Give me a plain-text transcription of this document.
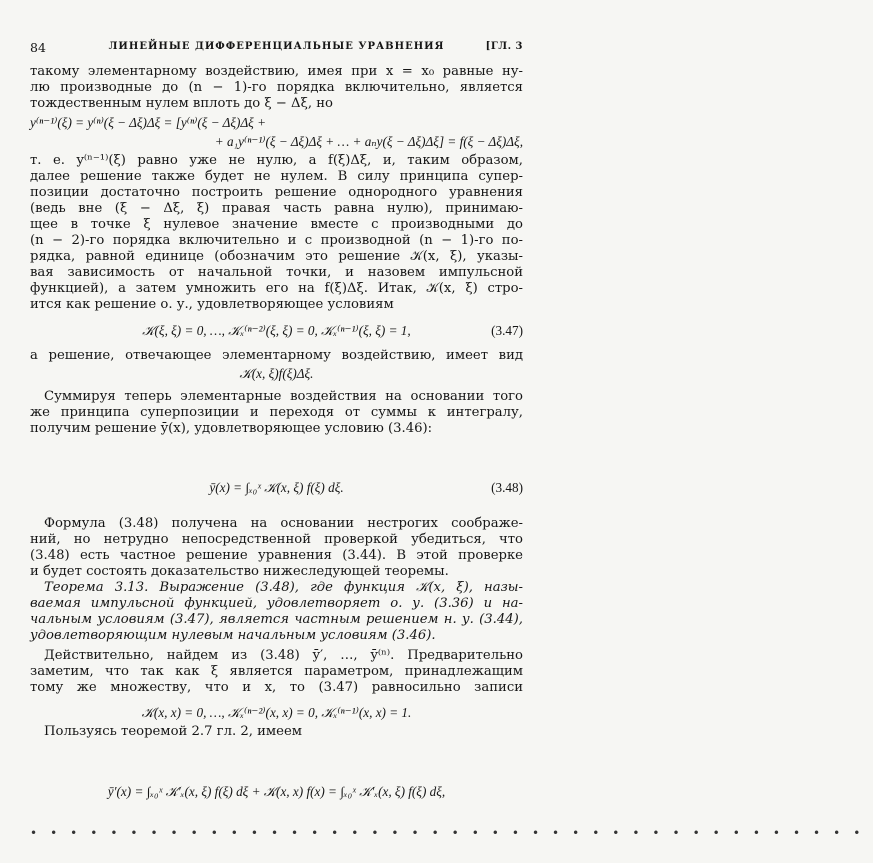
84	ЛИНЕЙНЫЕ ДИФФЕРЕНЦИАЛЬНЫЕ УРАВНЕНИЯ	[ГЛ. 3
такому элементарному воздействию, имея при x = x₀ равные ну-
лю производные до (n − 1)-го порядка включительно, является
тождественным нулем вплоть до ξ − Δξ, но
y⁽ⁿ⁻¹⁾(ξ) = y⁽ⁿ⁾(ξ − Δξ)Δξ = [y⁽ⁿ⁾(ξ − Δξ)Δξ +
+ a₁y⁽ⁿ⁻¹⁾(ξ − Δξ)Δξ + … + aₙy(ξ − Δξ)Δξ] = f(ξ − Δξ)Δξ,
т. е. y⁽ⁿ⁻¹⁾(ξ) равно уже не нулю, а f(ξ)Δξ, и, таким образом,
далее решение также будет не нулем. В силу принципа супер-
позиции достаточно построить решение однородного уравнения
(ведь вне (ξ − Δξ, ξ) правая часть равна нулю), принимаю-
щее в точке ξ нулевое значение вместе с производными до
(n − 2)-го порядка включительно и с производной (n − 1)-го по-
рядка, равной единице (обозначим это решение 𝒦(x, ξ), указы-
вая зависимость от начальной точки, и назовем импульсной
функцией), а затем умножить его на f(ξ)Δξ. Итак, 𝒦(x, ξ) стро-
ится как решение о. у., удовлетворяющее условиям
𝒦(ξ, ξ) = 0, …, 𝒦ₓ⁽ⁿ⁻²⁾(ξ, ξ) = 0, 𝒦ₓ⁽ⁿ⁻¹⁾(ξ, ξ) = 1,	(3.47)
а решение, отвечающее элементарному воздействию, имеет вид
𝒦(x, ξ)f(ξ)Δξ.
Суммируя теперь элементарные воздействия на основании того
же принципа суперпозиции и переходя от суммы к интегралу,
получим решение ȳ(x), удовлетворяющее условию (3.46):
ȳ(x) = ∫ₓ₀ˣ 𝒦(x, ξ) f(ξ) dξ.	(3.48)
Формула (3.48) получена на основании нестрогих соображе-
ний, но нетрудно непосредственной проверкой убедиться, что
(3.48) есть частное решение уравнения (3.44). В этой проверке
и будет состоять доказательство нижеследующей теоремы.
Теорема 3.13. Выражение (3.48), где функция 𝒦(x, ξ), назы-
ваемая импульсной функцией, удовлетворяет о. у. (3.36) и на-
чальным условиям (3.47), является частным решением н. у. (3.44),
удовлетворяющим нулевым начальным условиям (3.46).
Действительно, найдем из (3.48) ȳ′, …, ȳ⁽ⁿ⁾. Предварительно
заметим, что так как ξ является параметром, принадлежащим
тому же множеству, что и x, то (3.47) равносильно записи
𝒦(x, x) = 0, …, 𝒦ₓ⁽ⁿ⁻²⁾(x, x) = 0, 𝒦ₓ⁽ⁿ⁻¹⁾(x, x) = 1.
Пользуясь теоремой 2.7 гл. 2, имеем
ȳ′(x) = ∫ₓ₀ˣ 𝒦′ₓ(x, ξ) f(ξ) dξ + 𝒦(x, x) f(x) = ∫ₓ₀ˣ 𝒦′ₓ(x, ξ) f(ξ) dξ,
••••••••••••••••••••••••••••••••••••••••••
